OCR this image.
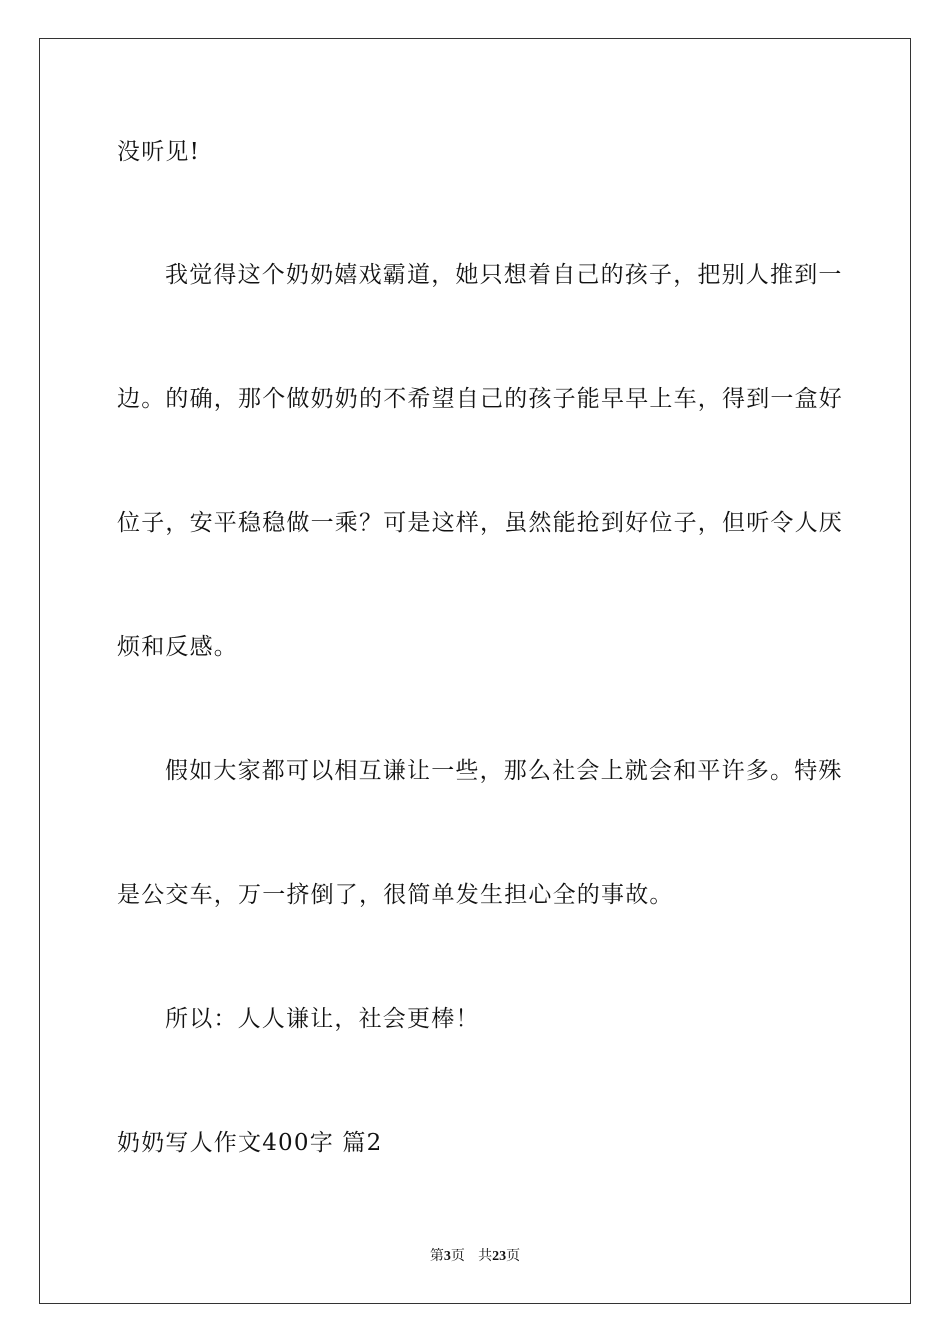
没听见!
我觉得这个奶奶嬉戏霸道，她只想着自己的孩子，把别人推到一
边。的确，那个做奶奶的不希望自己的孩子能早早上车，得到一盒好
位子，安平稳稳做一乘？可是这样，虽然能抢到好位子，但听令人厌
烦和反感。
假如大家都可以相互谦让一些，那么社会上就会和平许多。特殊
是公交车，万一挤倒了，很简单发生担心全的事故。
所以：人人谦让，社会更棒！
奶奶写人作文400字 篇2
第3页 共23页
